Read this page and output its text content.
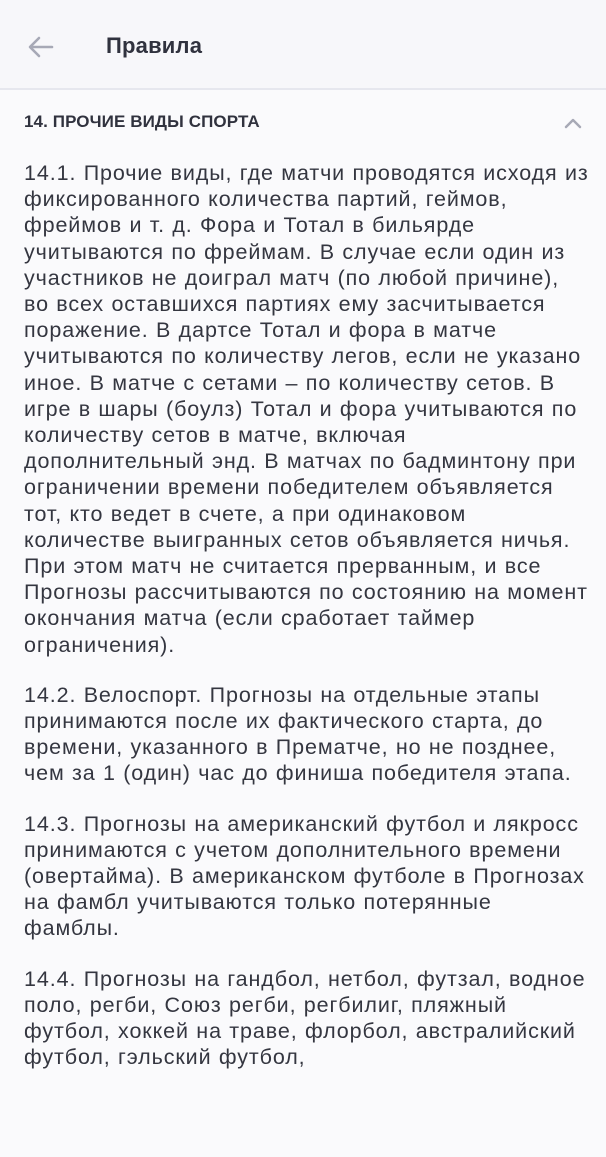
Правила
14. ПРОЧИЕ ВИДЫ СПОРТА

14.1. Прочие виды, где матчи проводятся исходя из фиксированного количества партий, геймов, фреймов и т. д. Фора и Тотал в бильярде учитываются по фреймам. В случае если один из участников не доиграл матч (по любой причине), во всех оставшихся партиях ему засчитывается поражение. В дартсе Тотал и фора в матче учитываются по количеству легов, если не указано иное. В матче с сетами – по количеству сетов. В игре в шары (боулз) Тотал и фора учитываются по количеству сетов в матче, включая дополнительный энд. В матчах по бадминтону при ограничении времени победителем объявляется тот, кто ведет в счете, а при одинаковом количестве выигранных сетов объявляется ничья. При этом матч не считается прерванным, и все Прогнозы рассчитываются по состоянию на момент окончания матча (если сработает таймер ограничения).

14.2. Велоспорт. Прогнозы на отдельные этапы принимаются после их фактического старта, до времени, указанного в Прематче, но не позднее, чем за 1 (один) час до финиша победителя этапа.

14.3. Прогнозы на американский футбол и лякросс принимаются с учетом дополнительного времени (овертайма). В американском футболе в Прогнозах на фамбл учитываются только потерянные фамблы.

14.4. Прогнозы на гандбол, нетбол, футзал, водное поло, регби, Союз регби, регбилиг, пляжный футбол, хоккей на траве, флорбол, австралийский футбол, гэльский футбол,
